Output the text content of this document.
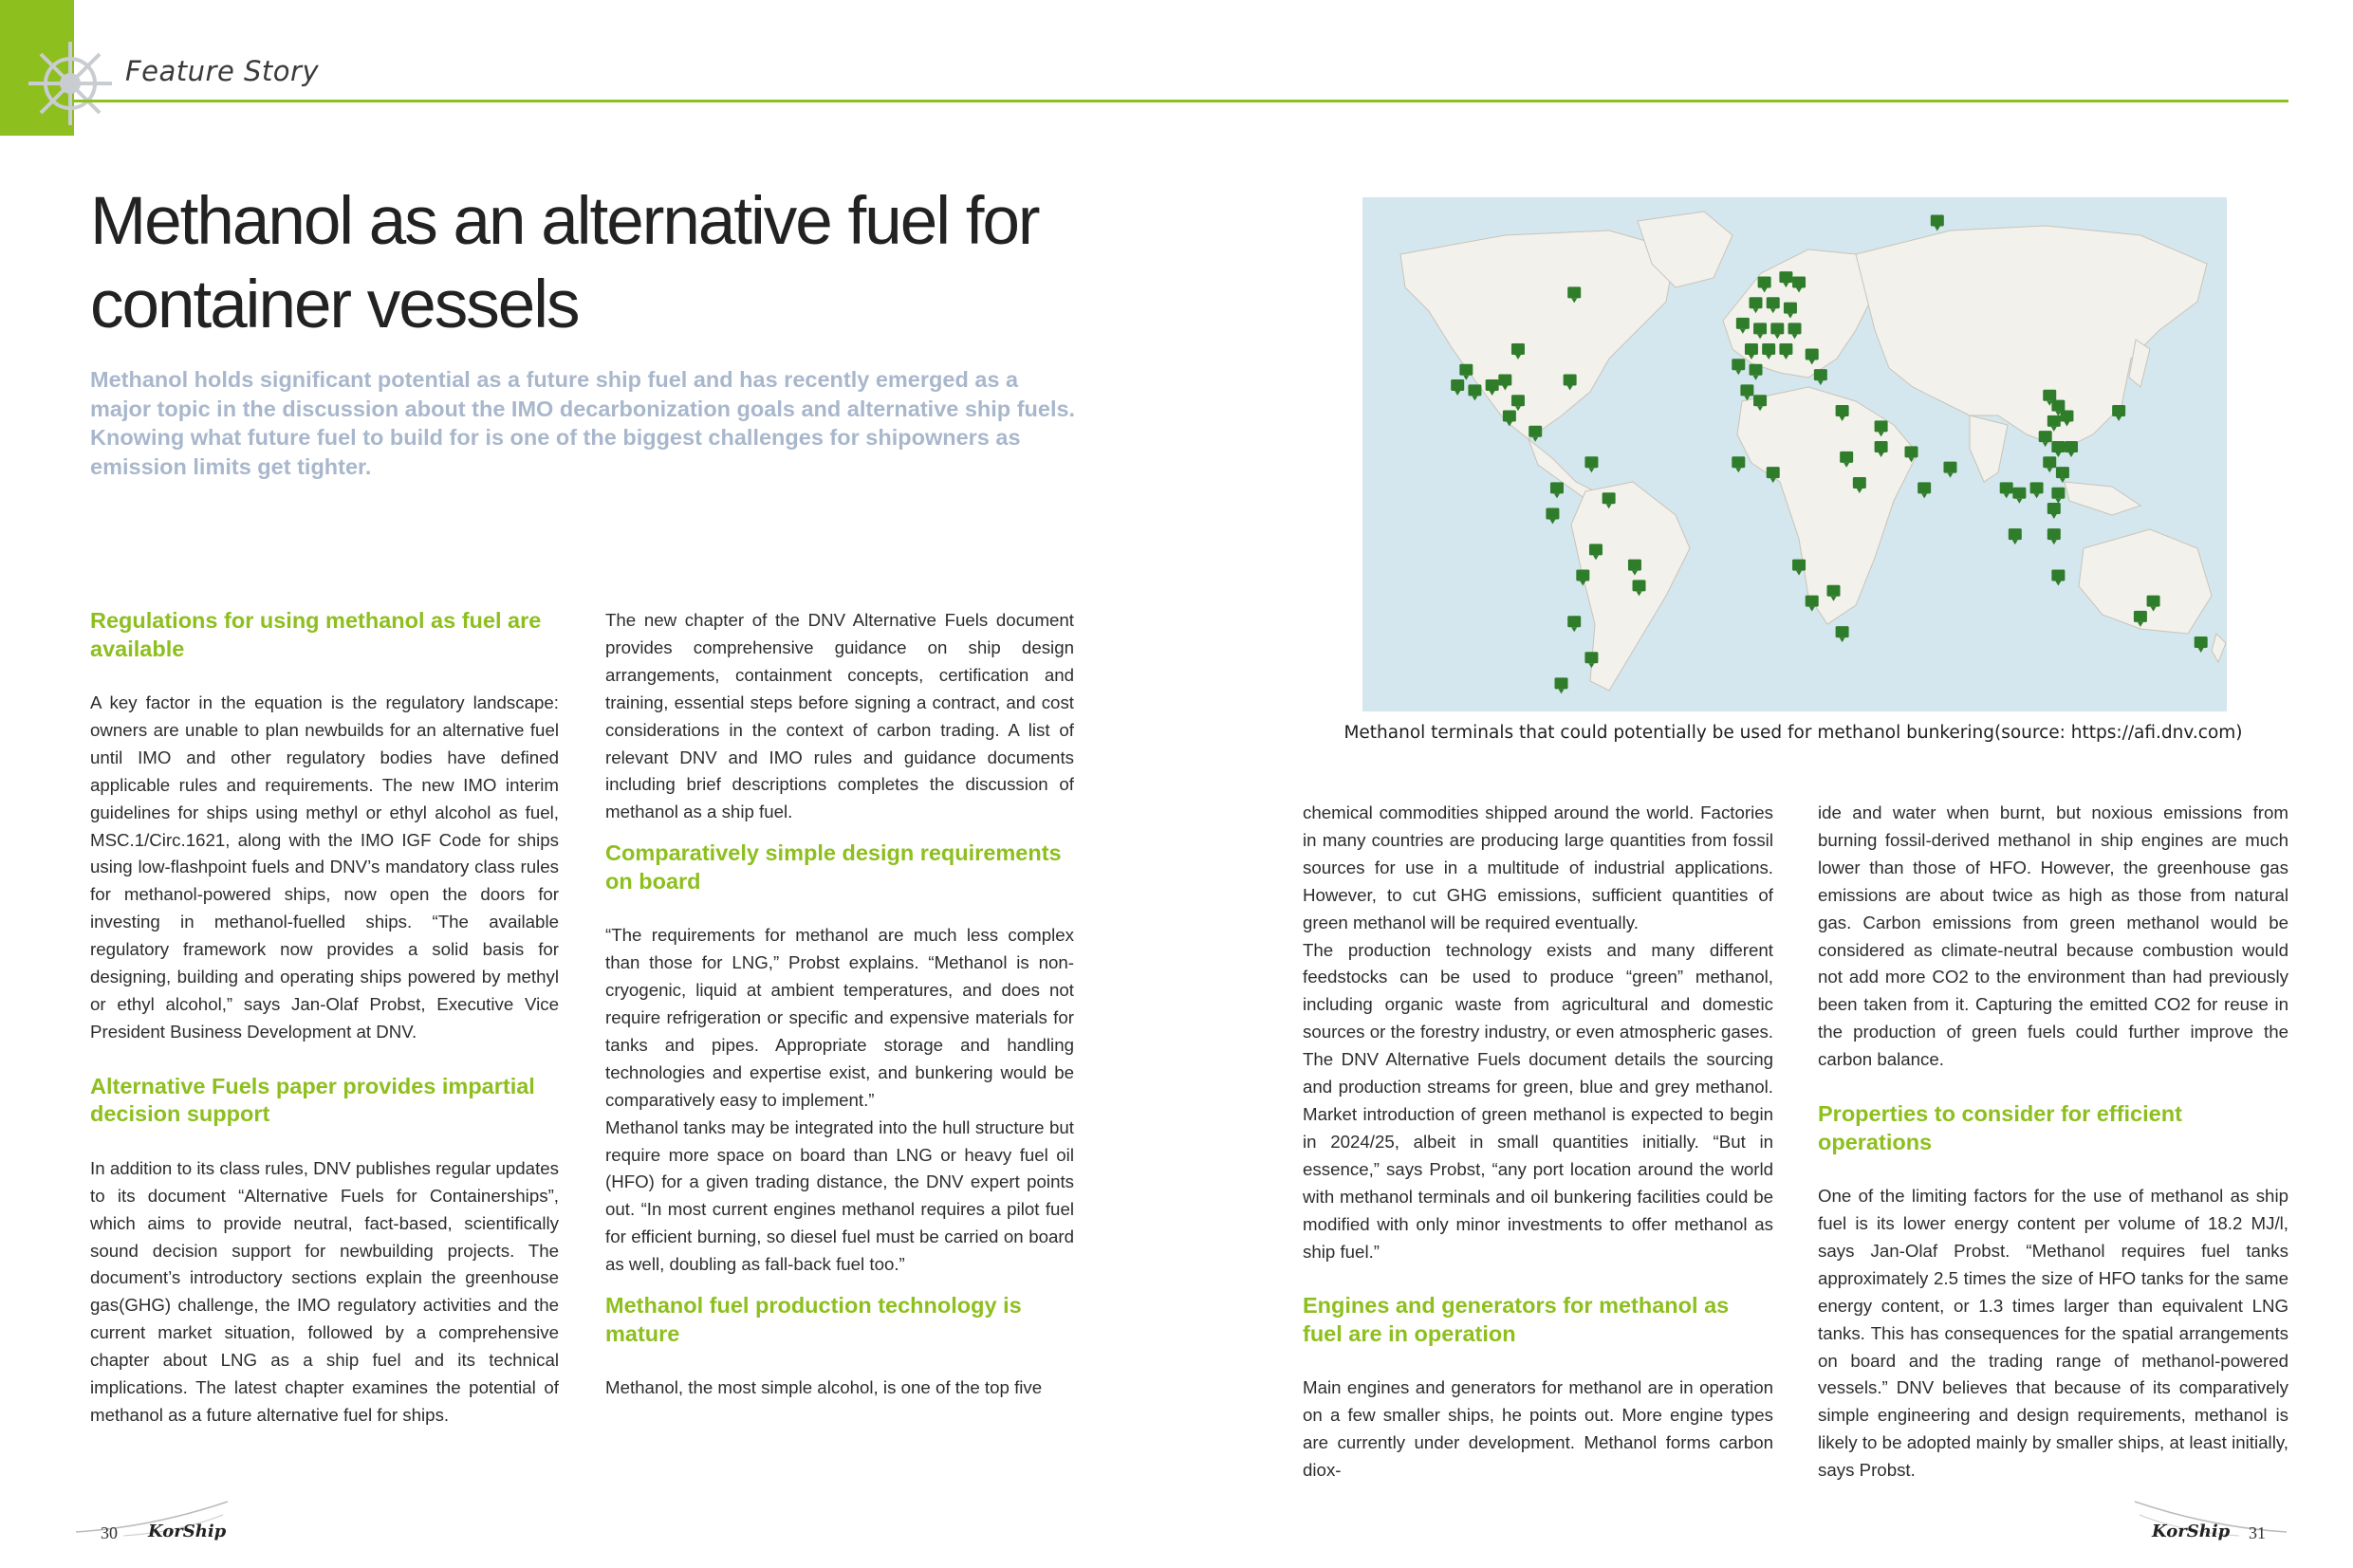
Feature Story
Methanol as an alternative fuel for
container vessels
Methanol holds significant potential as a future ship fuel and has recently emerged as a major topic in the discussion about the IMO decarbonization goals and alternative ship fuels. Knowing what future fuel to build for is one of the biggest challenges for shipowners as emission limits get tighter.
Regulations for using methanol as fuel are available

A key factor in the equation is the regulatory landscape: owners are unable to plan newbuilds for an alternative fuel until IMO and other regulatory bodies have defined applicable rules and requirements. The new IMO interim guidelines for ships using methyl or ethyl alcohol as fuel, MSC.1/Circ.1621, along with the IMO IGF Code for ships using low-flashpoint fuels and DNV’s mandatory class rules for methanol-powered ships, now open the doors for investing in methanol-fuelled ships. “The available regulatory framework now provides a solid basis for designing, building and operating ships powered by methyl or ethyl alcohol,” says Jan-Olaf Probst, Executive Vice President Business Development at DNV.

Alternative Fuels paper provides impartial decision support

In addition to its class rules, DNV publishes regular updates to its document “Alternative Fuels for Containerships”, which aims to provide neutral, fact-based, scientifically sound decision support for newbuilding projects. The document’s introductory sections explain the greenhouse gas(GHG) challenge, the IMO regulatory activities and the current market situation, followed by a comprehensive chapter about LNG as a ship fuel and its technical implications. The latest chapter examines the potential of methanol as a future alternative fuel for ships.

The new chapter of the DNV Alternative Fuels document provides comprehensive guidance on ship design arrangements, containment concepts, certification and training, essential steps before signing a contract, and cost considerations in the context of carbon trading. A list of relevant DNV and IMO rules and guidance documents including brief descriptions completes the discussion of methanol as a ship fuel.

Comparatively simple design requirements on board

“The requirements for methanol are much less complex than those for LNG,” Probst explains. “Methanol is non-cryogenic, liquid at ambient temperatures, and does not require refrigeration or specific and expensive materials for tanks and pipes. Appropriate storage and handling technologies and expertise exist, and bunkering would be comparatively easy to implement.”

Methanol tanks may be integrated into the hull structure but require more space on board than LNG or heavy fuel oil (HFO) for a given trading distance, the DNV expert points out. “In most current engines methanol requires a pilot fuel for efficient burning, so diesel fuel must be carried on board as well, doubling as fall-back fuel too.”

Methanol fuel production technology is mature

Methanol, the most simple alcohol, is one of the top five

Methanol terminals that could potentially be used for methanol bunkering(source: https://afi.dnv.com)

chemical commodities shipped around the world. Factories in many countries are producing large quantities from fossil sources for use in a multitude of industrial applications. However, to cut GHG emissions, sufficient quantities of green methanol will be required eventually.

The production technology exists and many different feedstocks can be used to produce “green” methanol, including organic waste from agricultural and domestic sources or the forestry industry, or even atmospheric gases. The DNV Alternative Fuels document details the sourcing and production streams for green, blue and grey methanol. Market introduction of green methanol is expected to begin in 2024/25, albeit in small quantities initially. “But in essence,” says Probst, “any port location around the world with methanol terminals and oil bunkering facilities could be modified with only minor investments to offer methanol as ship fuel.”

Engines and generators for methanol as fuel are in operation

Main engines and generators for methanol are in operation on a few smaller ships, he points out. More engine types are currently under development. Methanol forms carbon diox-

ide and water when burnt, but noxious emissions from burning fossil-derived methanol in ship engines are much lower than those of HFO. However, the greenhouse gas emissions are about twice as high as those from natural gas. Carbon emissions from green methanol would be considered as climate-neutral because combustion would not add more CO2 to the environment than had previously been taken from it. Capturing the emitted CO2 for reuse in the production of green fuels could further improve the carbon balance.

Properties to consider for efficient operations

One of the limiting factors for the use of methanol as ship fuel is its lower energy content per volume of 18.2 MJ/l, says Jan-Olaf Probst. “Methanol requires fuel tanks approximately 2.5 times the size of HFO tanks for the same energy content, or 1.3 times larger than equivalent LNG tanks. This has consequences for the spatial arrangements on board and the trading range of methanol-powered vessels.” DNV believes that because of its comparatively simple engineering and design requirements, methanol is likely to be adopted mainly by smaller ships, at least initially, says Probst.

30 KorShip	KorShip 31
